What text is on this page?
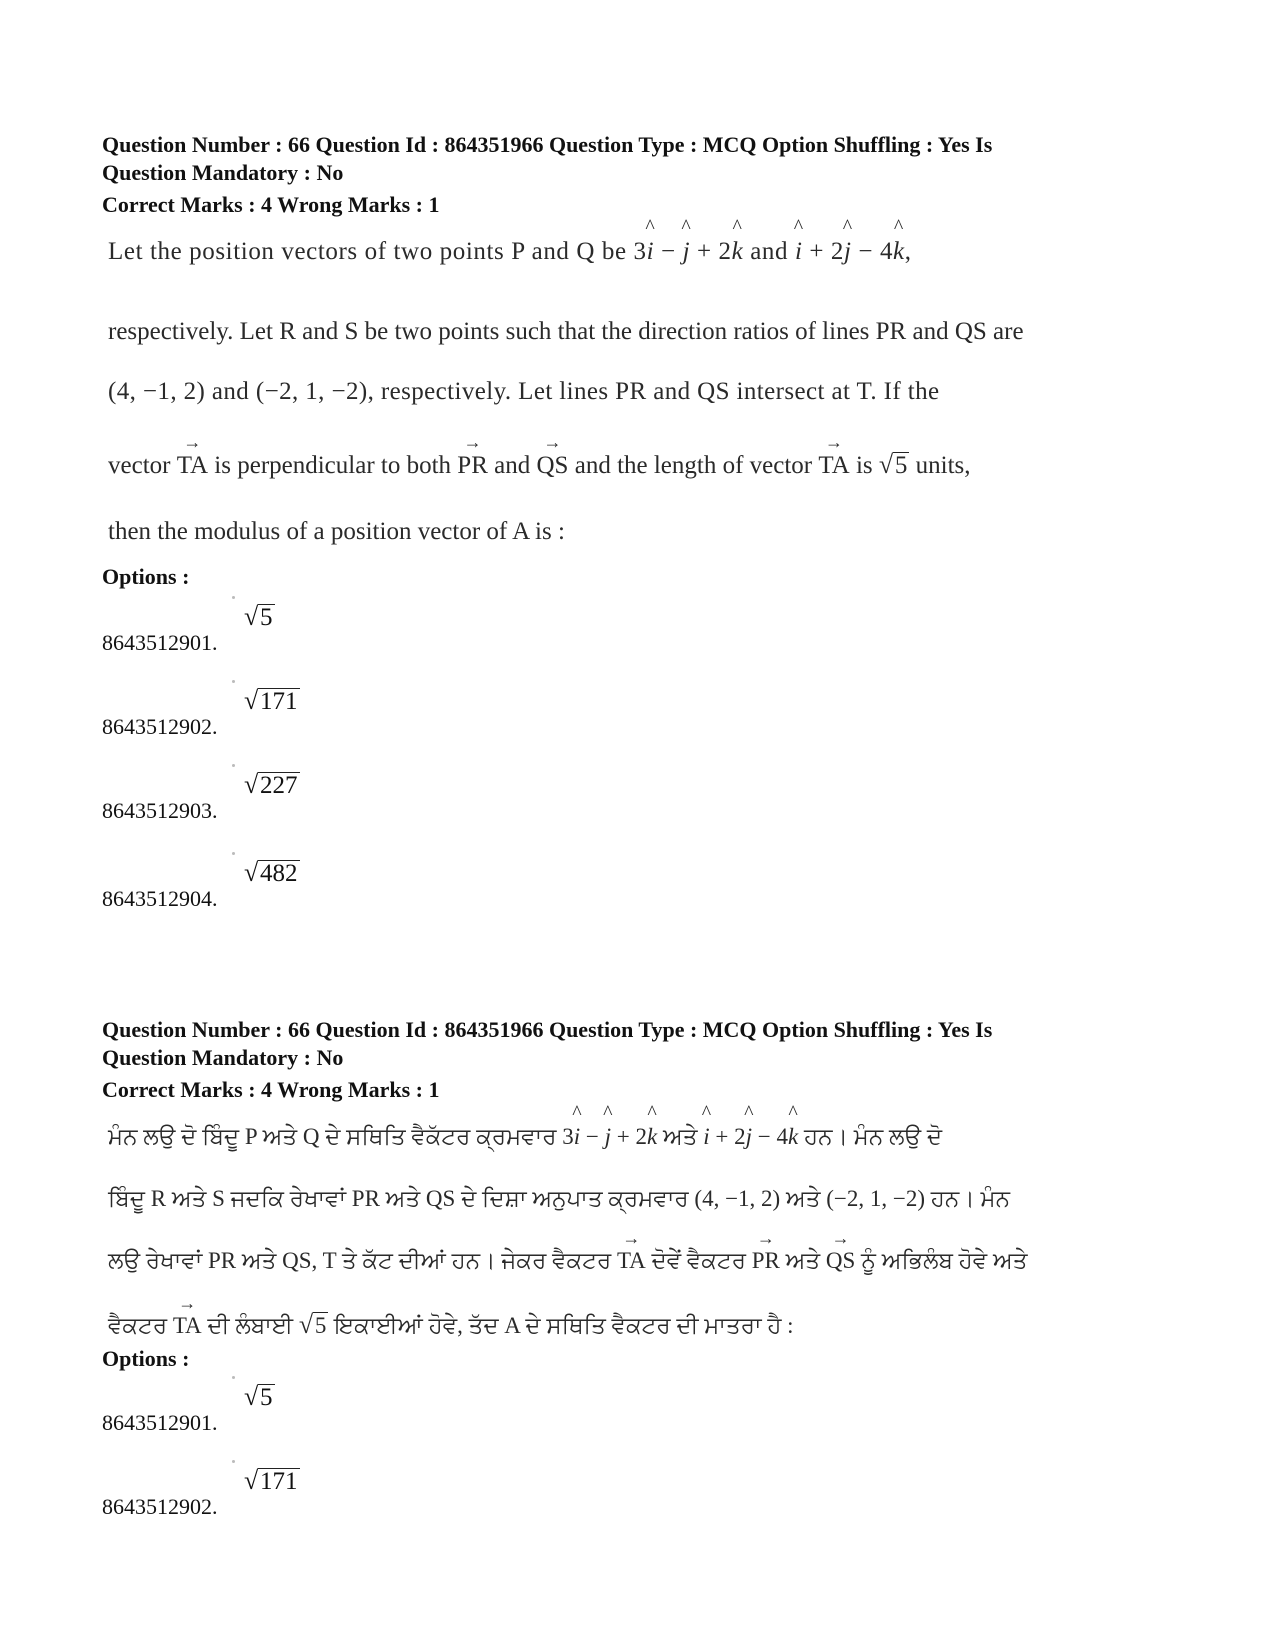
Question Number : 66 Question Id : 864351966 Question Type : MCQ Option Shuffling : Yes Is
Question Mandatory : No
Correct Marks : 4 Wrong Marks : 1
Let the position vectors of two points P and Q be 3^ i − ^ j + 2^ k and ^ i + 2^ j − 4^ k,
respectively. Let R and S be two points such that the direction ratios of lines PR and QS are
(4, −1, 2) and (−2, 1, −2), respectively. Let lines PR and QS intersect at T. If the
vector → TA is perpendicular to both → PR and → QS and the length of vector → TA is √ 5 units,
then the modulus of a position vector of A is :
Options :
8643512901.
√ 5
8643512902.
√ 171
8643512903.
√ 227
8643512904.
√ 482
Question Number : 66 Question Id : 864351966 Question Type : MCQ Option Shuffling : Yes Is
Question Mandatory : No
Correct Marks : 4 Wrong Marks : 1
ਮੰਨ ਲਉ ਦੋ ਬਿੰਦੂ P ਅਤੇ Q ਦੇ ਸਥਿਤਿ ਵੈਕੱਟਰ ਕ੍ਰਮਵਾਰ 3^ i − ^ j + 2^ k ਅਤੇ ^ i + 2^ j − 4^ k ਹਨ। ਮੰਨ ਲਉ ਦੋ
ਬਿੰਦੂ R ਅਤੇ S ਜਦਕਿ ਰੇਖਾਵਾਂ PR ਅਤੇ QS ਦੇ ਦਿਸ਼ਾ ਅਨੁਪਾਤ ਕ੍ਰਮਵਾਰ (4, −1, 2) ਅਤੇ (−2, 1, −2) ਹਨ। ਮੰਨ
ਲਉ ਰੇਖਾਵਾਂ PR ਅਤੇ QS, T ਤੇ ਕੱਟ ਦੀਆਂ ਹਨ। ਜੇਕਰ ਵੈਕਟਰ → TA ਦੋਵੇਂ ਵੈਕਟਰ → PR ਅਤੇ → QS ਨੂੰ ਅਭਿਲੰਬ ਹੋਵੇ ਅਤੇ
ਵੈਕਟਰ → TA ਦੀ ਲੰਬਾਈ √ 5 ਇਕਾਈਆਂ ਹੋਵੇ, ਤੱਦ A ਦੇ ਸਥਿਤਿ ਵੈਕਟਰ ਦੀ ਮਾਤਰਾ ਹੈ :
Options :
8643512901.
√ 5
8643512902.
√ 171
